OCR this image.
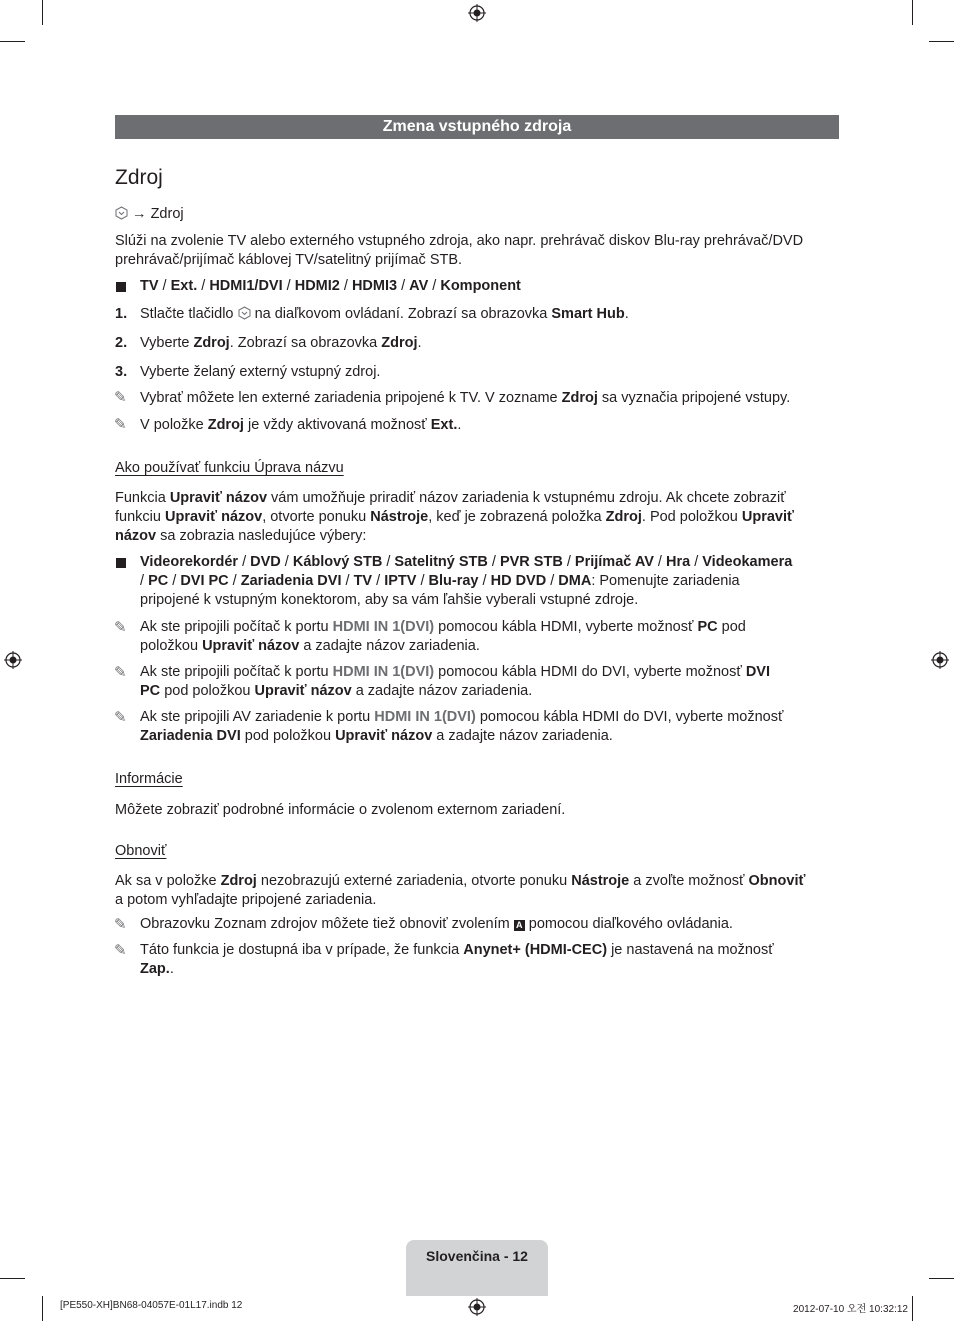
Zmena vstupného zdroja
Zdroj
→ Zdroj
Slúži na zvolenie TV alebo externého vstupného zdroja, ako napr. prehrávač diskov Blu-ray prehrávač/DVD prehrávač/prijímač káblovej TV/satelitný prijímač STB.
TV / Ext. / HDMI1/DVI / HDMI2 / HDMI3 / AV / Komponent
1. Stlačte tlačidlo na diaľkovom ovládaní. Zobrazí sa obrazovka Smart Hub.
2. Vyberte Zdroj. Zobrazí sa obrazovka Zdroj.
3. Vyberte želaný externý vstupný zdroj.
✎ Vybrať môžete len externé zariadenia pripojené k TV. V zozname Zdroj sa vyznačia pripojené vstupy.
✎ V položke Zdroj je vždy aktivovaná možnosť Ext..
Ako používať funkciu Úprava názvu
Funkcia Upraviť názov vám umožňuje priradiť názov zariadenia k vstupnému zdroju. Ak chcete zobraziť
funkciu Upraviť názov, otvorte ponuku Nástroje, keď je zobrazená položka Zdroj. Pod položkou Upraviť
názov sa zobrazia nasledujúce výbery:
Videorekordér / DVD / Káblový STB / Satelitný STB / PVR STB / Prijímač AV / Hra / Videokamera
/ PC / DVI PC / Zariadenia DVI / TV / IPTV / Blu-ray / HD DVD / DMA: Pomenujte zariadenia
pripojené k vstupným konektorom, aby sa vám ľahšie vyberali vstupné zdroje.
✎ Ak ste pripojili počítač k portu HDMI IN 1(DVI) pomocou kábla HDMI, vyberte možnosť PC pod
položkou Upraviť názov a zadajte názov zariadenia.
✎ Ak ste pripojili počítač k portu HDMI IN 1(DVI) pomocou kábla HDMI do DVI, vyberte možnosť DVI
PC pod položkou Upraviť názov a zadajte názov zariadenia.
✎ Ak ste pripojili AV zariadenie k portu HDMI IN 1(DVI) pomocou kábla HDMI do DVI, vyberte možnosť
Zariadenia DVI pod položkou Upraviť názov a zadajte názov zariadenia.
Informácie
Môžete zobraziť podrobné informácie o zvolenom externom zariadení.
Obnoviť
Ak sa v položke Zdroj nezobrazujú externé zariadenia, otvorte ponuku Nástroje a zvoľte možnosť Obnoviť
a potom vyhľadajte pripojené zariadenia.
✎ Obrazovku Zoznam zdrojov môžete tiež obnoviť zvolením A pomocou diaľkového ovládania.
✎ Táto funkcia je dostupná iba v prípade, že funkcia Anynet+ (HDMI-CEC) je nastavená na možnosť
Zap..
Slovenčina - 12
[PE550-XH]BN68-04057E-01L17.indb 12	2012-07-10 오전 10:32:12
